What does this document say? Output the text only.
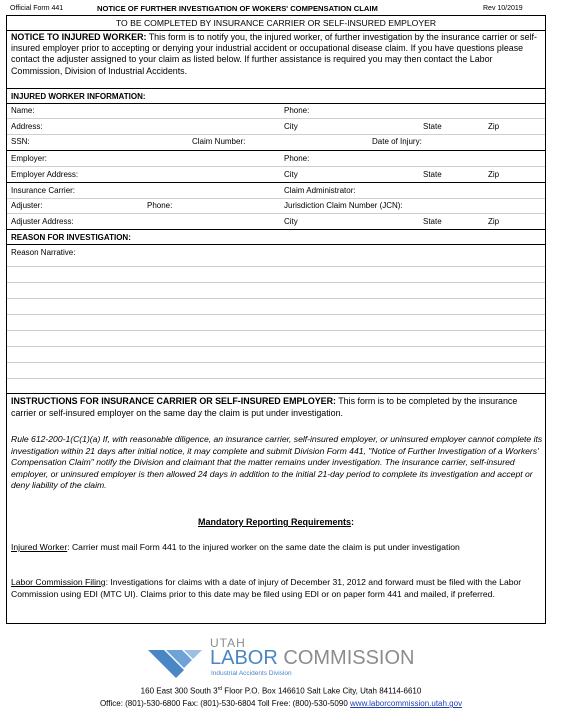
Official Form 441	NOTICE OF FURTHER INVESTIGATION OF WOKERS' COMPENSATION CLAIM	Rev 10/2019
TO BE COMPLETED BY INSURANCE CARRIER OR SELF-INSURED EMPLOYER
NOTICE TO INJURED WORKER: This form is to notify you, the injured worker, of further investigation by the insurance carrier or self-insured employer prior to accepting or denying your industrial accident or occupational disease claim. If you have questions please contact the adjuster assigned to your claim as listed below. If further assistance is required you may then contact the Labor Commission, Division of Industrial Accidents.
INJURED WORKER INFORMATION:
Name:	Phone:
Address:	City	State	Zip
SSN:	Claim Number:	Date of Injury:
Employer:	Phone:
Employer Address:	City	State	Zip
Insurance Carrier:	Claim Administrator:
Adjuster:	Phone:	Jurisdiction Claim Number (JCN):
Adjuster Address:	City	State	Zip
REASON FOR INVESTIGATION:
Reason Narrative:
INSTRUCTIONS FOR INSURANCE CARRIER OR SELF-INSURED EMPLOYER: This form is to be completed by the insurance carrier or self-insured employer on the same day the claim is put under investigation.
Rule 612-200-1(C(1)(a) If, with reasonable diligence, an insurance carrier, self-insured employer, or uninsured employer cannot complete its investigation within 21 days after initial notice, it may complete and submit Division Form 441, "Notice of Further Investigation of a Workers' Compensation Claim" notify the Division and claimant that the matter remains under investigation. The insurance carrier, self-insured employer, or uninsured employer is then allowed 24 days in addition to the initial 21-day period to complete its investigation and accept or deny liability of the claim.
Mandatory Reporting Requirements:
Injured Worker: Carrier must mail Form 441 to the injured worker on the same date the claim is put under investigation
Labor Commission Filing: Investigations for claims with a date of injury of December 31, 2012 and forward must be filed with the Labor Commission using EDI (MTC UI). Claims prior to this date may be filed using EDI or on paper form 441 and mailed, if preferred.
UTAH
LABOR COMMISSION
Industrial Accidents Division
160 East 300 South 3rd Floor P.O. Box 146610 Salt Lake City, Utah 84114-6610
Office: (801)-530-6800 Fax: (801)-530-6804 Toll Free: (800)-530-5090 www.laborcommission.utah.gov
